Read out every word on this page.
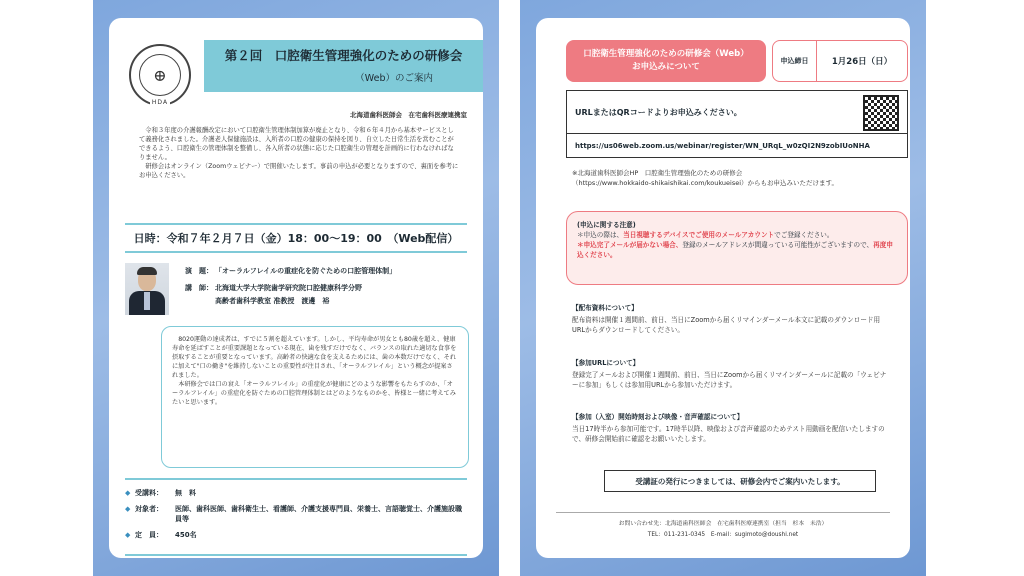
⊕
HDA
第２回　口腔衛生管理強化のための研修会
（Web）のご案内
北海道歯科医師会　在宅歯科医療連携室

令和３年度の介護報酬改定において口腔衛生管理体制加算が廃止となり、令和６年４月から基本サービスとして義務化されました。介護老人保健施設は、入所者の口腔の健康の保持を図り、自立した日常生活を営むことができるよう、口腔衛生の管理体制を整備し、各入所者の状態に応じた口腔衛生の管理を計画的に行わなければなりません。

研修会はオンライン（Zoomウェビナー）で開催いたします。事前の申込が必要となりますので、裏面を参考にお申込ください。

日時：令和７年２月７日（金）18：00～19：00　（Web配信）
演　題： 「オーラルフレイルの重症化を防ぐための口腔管理体制」
講　師： 北海道大学大学院歯学研究院口腔健康科学分野
高齢者歯科学教室 准教授　渡邊　裕

8020運動の達成者は、すでに５割を超えています。しかし、平均寿命が男女とも80歳を超え、健康寿命を延ばすことが重要課題となっている現在、歯を残すだけでなく、バランスの取れた適切な食事を摂取することが重要となっています。高齢者の快適な食を支えるためには、歯の本数だけでなく、それに加えて"口の働き"を維持しないことの重要性が注目され、「オーラルフレイル」という概念が提案されました。

本研修会では口の衰え「オーラルフレイル」の重症化が健康にどのような影響をもたらすのか、「オーラルフレイル」の重症化を防ぐための口腔管理体制とはどのようなものかを、皆様と一緒に考えてみたいと思います。

◆ 受講料：	無　料
◆ 対象者：	医師、歯科医師、歯科衛生士、看護師、介護支援専門員、栄養士、言語聴覚士、介護施設職員等
◆ 定　員：	450名
口腔衛生管理強化のための研修会（Web）
お申込みについて
申込締日	1月26日（日）
URLまたはQRコードよりお申込みください。
https://us06web.zoom.us/webinar/register/WN_URqL_w0zQI2N9zobIUoNHA
※北海道歯科医師会HP　口腔衛生管理強化のための研修会
（https://www.hokkaido-shikaishikai.com/koukueisei）からもお申込みいただけます。
(申込に関する注意)
＊申込の際は、当日視聴するデバイスでご使用のメールアカウントでご登録ください。
＊申込完了メールが届かない場合、登録のメールアドレスが間違っている可能性がございますので、再度申込ください。
【配布資料について】
配布資料は開催１週間前、前日、当日にZoomから届くリマインダーメール本文に記載のダウンロード用URLからダウンロードしてください。
【参加URLについて】
登録完了メールおよび開催１週間前、前日、当日にZoomから届くリマインダーメールに記載の「ウェビナーに参加」もしくは参加用URLから参加いただけます。
【参加（入室）開始時刻および映像・音声確認について】
当日17時半から参加可能です。17時半以降、映像および音声確認のためテスト用動画を配信いたしますので、研修会開始前に確認をお願いいたします。
受講証の発行につきましては、研修会内でご案内いたします。
お問い合わせ先：北海道歯科医師会　在宅歯科医療連携室（担当　杉本　未浩）
TEL：011-231-0345　E-mail：sugimoto@doushi.net
